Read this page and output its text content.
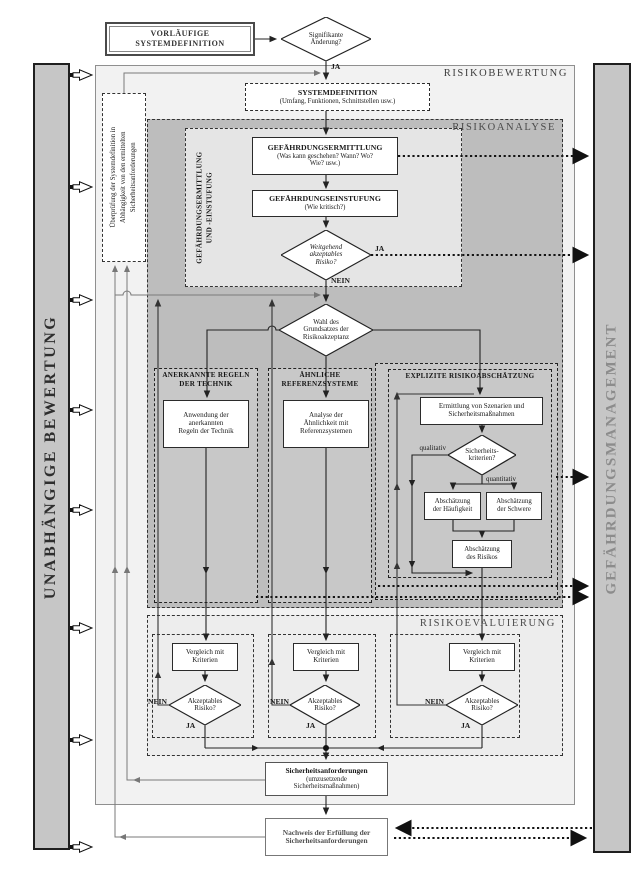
RISIKOBEWERTUNG
RISIKOANALYSE
GEFÄHRDUNGSERMITTLUNG UND -EINSTUFUNG
ANERKANNTE REGELN
DER TECHNIK
ÄHNLICHE
REFERENZSYSTEME
EXPLIZITE RISIKOABSCHÄTZUNG
RISIKOEVALUIERUNG
UNABHÄNGIGE BEWERTUNG	GEFÄHRDUNGSMANAGEMENT
VORLÄUFIGE
SYSTEMDEFINITION
Signifikante
Änderung?
JA
SYSTEMDEFINITION
(Umfang, Funktionen, Schnittstellen usw.)
Überprüfung der Systemdefinition in Abhängigkeit von den ermittelten Sicherheitsanforderungen	GEFÄHRDUNGSERMITTLUNG
(Was kann geschehen? Wann? Wo?
Wie? usw.)
GEFÄHRDUNGSEINSTUFUNG
(Wie kritisch?)
Weitgehend
akzeptables
Risiko?
JA
NEIN
Wahl des
Grundsatzes der
Risikoakzeptanz
Anwendung der
anerkannten
Regeln der Technik
Analyse der
Ähnlichkeit mit
Referenzsystemen
Ermittlung von Szenarien und
Sicherheitsmaßnahmen
Sicherheits-
kriterien?
qualitativ
quantitativ
Abschätzung
der Häufigkeit
Abschätzung
der Schwere
Abschätzung
des Risikos
Vergleich mit
Kriterien
Vergleich mit
Kriterien
Vergleich mit
Kriterien
Akzeptables
Risiko?
Akzeptables
Risiko?
Akzeptables
Risiko?
NEIN	NEIN	NEIN
JA	JA	JA
Sicherheitsanforderungen
(umzusetzende
Sicherheitsmaßnahmen)
Nachweis der Erfüllung der
Sicherheitsanforderungen
